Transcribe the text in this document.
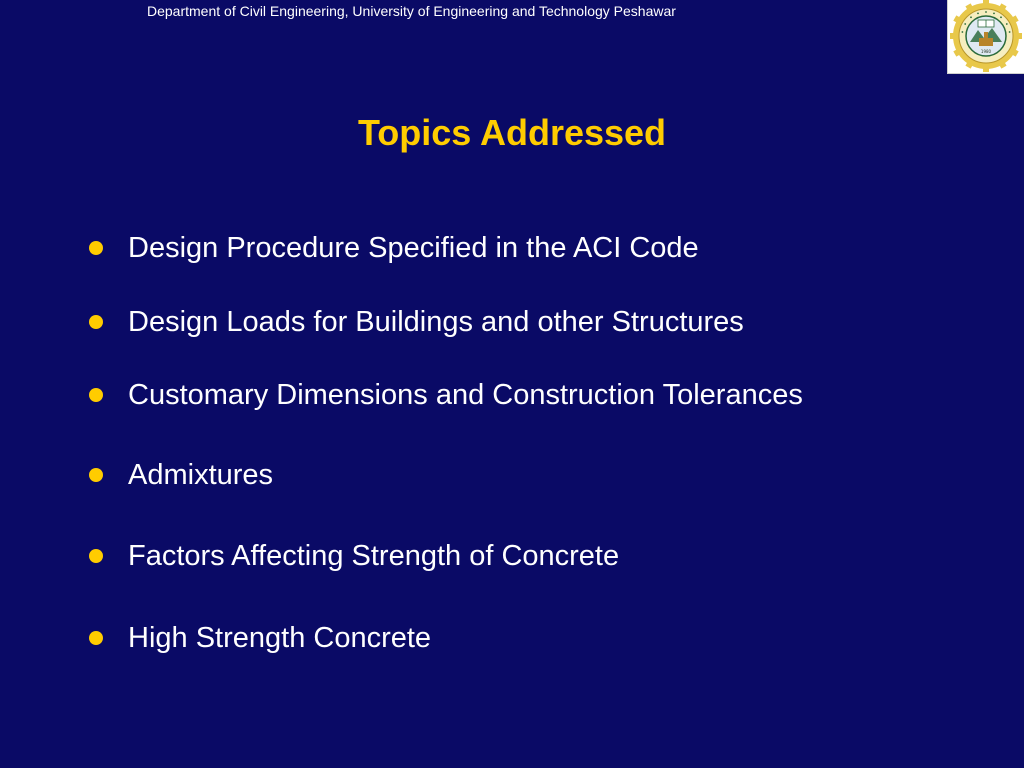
Department of Civil Engineering, University of Engineering and Technology Peshawar
1980
Topics Addressed
Design Procedure Specified in the ACI Code
Design Loads for Buildings and other Structures
Customary Dimensions and Construction Tolerances
Admixtures
Factors Affecting Strength of Concrete
High Strength Concrete
